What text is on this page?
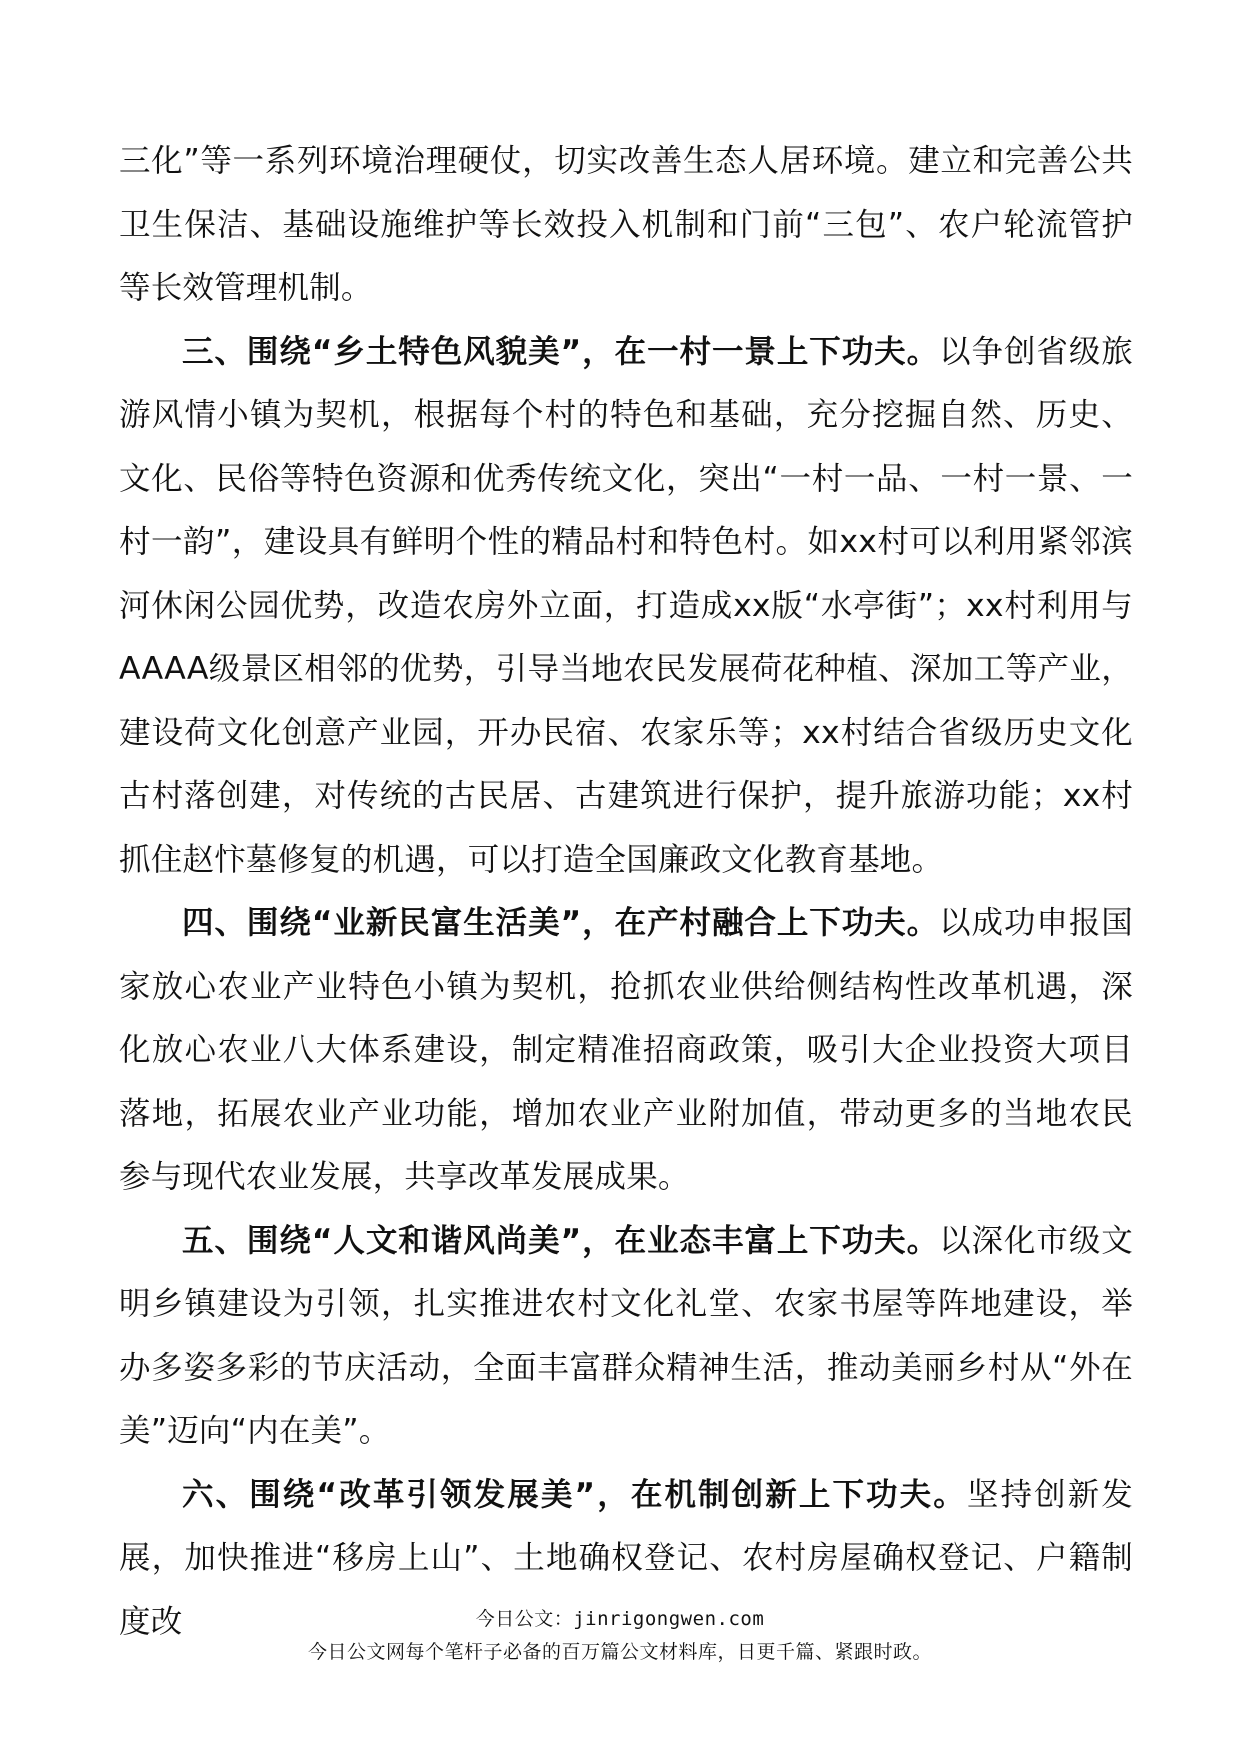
三化”等一系列环境治理硬仗，切实改善生态人居环境。建立和完善公共卫生保洁、基础设施维护等长效投入机制和门前“三包”、农户轮流管护等长效管理机制。

三、围绕“乡土特色风貌美”，在一村一景上下功夫。以争创省级旅游风情小镇为契机，根据每个村的特色和基础，充分挖掘自然、历史、文化、民俗等特色资源和优秀传统文化，突出“一村一品、一村一景、一村一韵”，建设具有鲜明个性的精品村和特色村。如xx村可以利用紧邻滨河休闲公园优势，改造农房外立面，打造成xx版“水亭街”；xx村利用与AAAA级景区相邻的优势，引导当地农民发展荷花种植、深加工等产业，建设荷文化创意产业园，开办民宿、农家乐等；xx村结合省级历史文化古村落创建，对传统的古民居、古建筑进行保护，提升旅游功能；xx村抓住赵忭墓修复的机遇，可以打造全国廉政文化教育基地。

四、围绕“业新民富生活美”，在产村融合上下功夫。以成功申报国家放心农业产业特色小镇为契机，抢抓农业供给侧结构性改革机遇，深化放心农业八大体系建设，制定精准招商政策，吸引大企业投资大项目落地，拓展农业产业功能，增加农业产业附加值，带动更多的当地农民参与现代农业发展，共享改革发展成果。

五、围绕“人文和谐风尚美”，在业态丰富上下功夫。以深化市级文明乡镇建设为引领，扎实推进农村文化礼堂、农家书屋等阵地建设，举办多姿多彩的节庆活动，全面丰富群众精神生活，推动美丽乡村从“外在美”迈向“内在美”。

六、围绕“改革引领发展美”，在机制创新上下功夫。坚持创新发展，加快推进“移房上山”、土地确权登记、农村房屋确权登记、户籍制度改	今日公文：jinrigongwen.com
今日公文网每个笔杆子必备的百万篇公文材料库，日更千篇、紧跟时政。
